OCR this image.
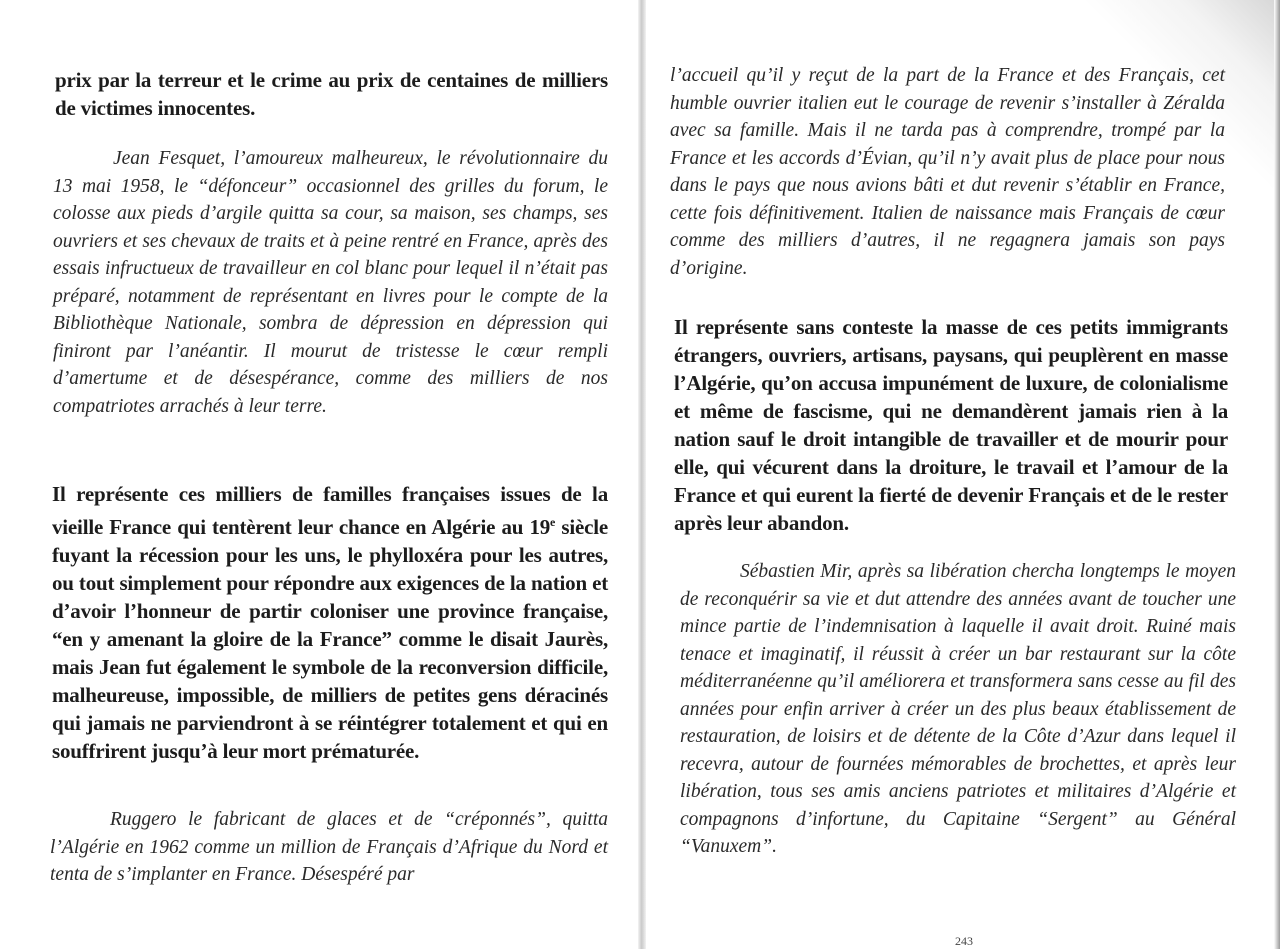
prix par la terreur et le crime au prix de centaines de milliers de victimes innocentes.

Jean Fesquet, l’amoureux malheureux, le révolutionnaire du 13 mai 1958, le “défonceur” occasionnel des grilles du forum, le colosse aux pieds d’argile quitta sa cour, sa maison, ses champs, ses ouvriers et ses chevaux de traits et à peine rentré en France, après des essais infructueux de travailleur en col blanc pour lequel il n’était pas préparé, notamment de représentant en livres pour le compte de la Bibliothèque Nationale, sombra de dépression en dépression qui finiront par l’anéantir. Il mourut de tristesse le cœur rempli d’amertume et de désespérance, comme des milliers de nos compatriotes arrachés à leur terre.

Il représente ces milliers de familles françaises issues de la vieille France qui tentèrent leur chance en Algérie au 19e siècle fuyant la récession pour les uns, le phylloxéra pour les autres, ou tout simplement pour répondre aux exigences de la nation et d’avoir l’honneur de partir coloniser une province française, “en y amenant la gloire de la France” comme le disait Jaurès, mais Jean fut également le symbole de la reconversion difficile, malheureuse, impossible, de milliers de petites gens déracinés qui jamais ne parviendront à se réintégrer totalement et qui en souffrirent jusqu’à leur mort prématurée.

Ruggero le fabricant de glaces et de “créponnés”, quitta l’Algérie en 1962 comme un million de Français d’Afrique du Nord et tenta de s’implanter en France. Désespéré par

l’accueil qu’il y reçut de la part de la France et des Français, cet humble ouvrier italien eut le courage de revenir s’installer à Zéralda avec sa famille. Mais il ne tarda pas à comprendre, trompé par la France et les accords d’Évian, qu’il n’y avait plus de place pour nous dans le pays que nous avions bâti et dut revenir s’établir en France, cette fois définitivement. Italien de naissance mais Français de cœur comme des milliers d’autres, il ne regagnera jamais son pays d’origine.

Il représente sans conteste la masse de ces petits immigrants étrangers, ouvriers, artisans, paysans, qui peuplèrent en masse l’Algérie, qu’on accusa impunément de luxure, de colonialisme et même de fascisme, qui ne demandèrent jamais rien à la nation sauf le droit intangible de travailler et de mourir pour elle, qui vécurent dans la droiture, le travail et l’amour de la France et qui eurent la fierté de devenir Français et de le rester après leur abandon.

Sébastien Mir, après sa libération chercha longtemps le moyen de reconquérir sa vie et dut attendre des années avant de toucher une mince partie de l’indemnisation à laquelle il avait droit. Ruiné mais tenace et imaginatif, il réussit à créer un bar restaurant sur la côte méditerranéenne qu’il améliorera et transformera sans cesse au fil des années pour enfin arriver à créer un des plus beaux établissement de restauration, de loisirs et de détente de la Côte d’Azur dans lequel il recevra, autour de fournées mémorables de brochettes, et après leur libération, tous ses amis anciens patriotes et militaires d’Algérie et compagnons d’infortune, du Capitaine “Sergent” au Général “Vanuxem”.

243
